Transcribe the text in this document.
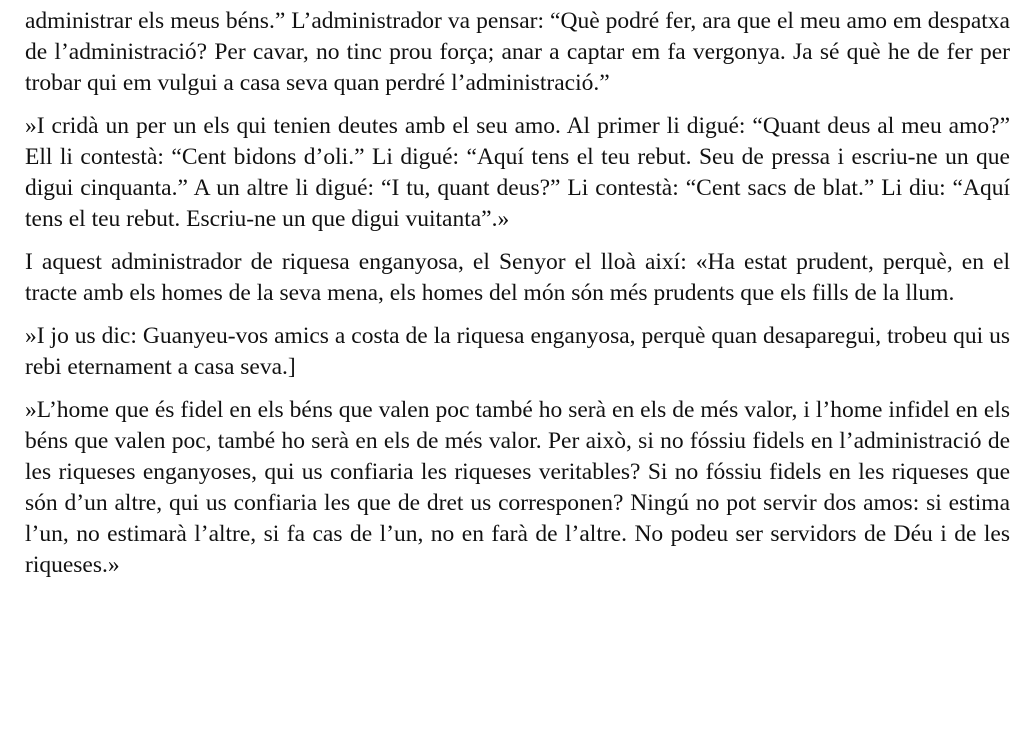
administrar els meus béns.” L’administrador va pensar: “Què podré fer, ara que el meu amo em despatxa de l’administració? Per cavar, no tinc prou força; anar a captar em fa vergonya. Ja sé què he de fer per trobar qui em vulgui a casa seva quan perdré l’administració.”

»I cridà un per un els qui tenien deutes amb el seu amo. Al primer li digué: “Quant deus al meu amo?” Ell li contestà: “Cent bidons d’oli.” Li digué: “Aquí tens el teu rebut. Seu de pressa i escriu-ne un que digui cinquanta.” A un altre li digué: “I tu, quant deus?” Li contestà: “Cent sacs de blat.” Li diu: “Aquí tens el teu rebut. Escriu-ne un que digui vuitanta”.»

I aquest administrador de riquesa enganyosa, el Senyor el lloà així: «Ha estat prudent, perquè, en el tracte amb els homes de la seva mena, els homes del món són més prudents que els fills de la llum.

»I jo us dic: Guanyeu-vos amics a costa de la riquesa enganyosa, perquè quan desaparegui, trobeu qui us rebi eternament a casa seva.]

»L’home que és fidel en els béns que valen poc també ho serà en els de més valor, i l’home infidel en els béns que valen poc, també ho serà en els de més valor. Per això, si no fóssiu fidels en l’administració de les riqueses enganyoses, qui us confiaria les riqueses veritables? Si no fóssiu fidels en les riqueses que són d’un altre, qui us confiaria les que de dret us corresponen? Ningú no pot servir dos amos: si estima l’un, no estimarà l’altre, si fa cas de l’un, no en farà de l’altre. No podeu ser servidors de Déu i de les riqueses.»
